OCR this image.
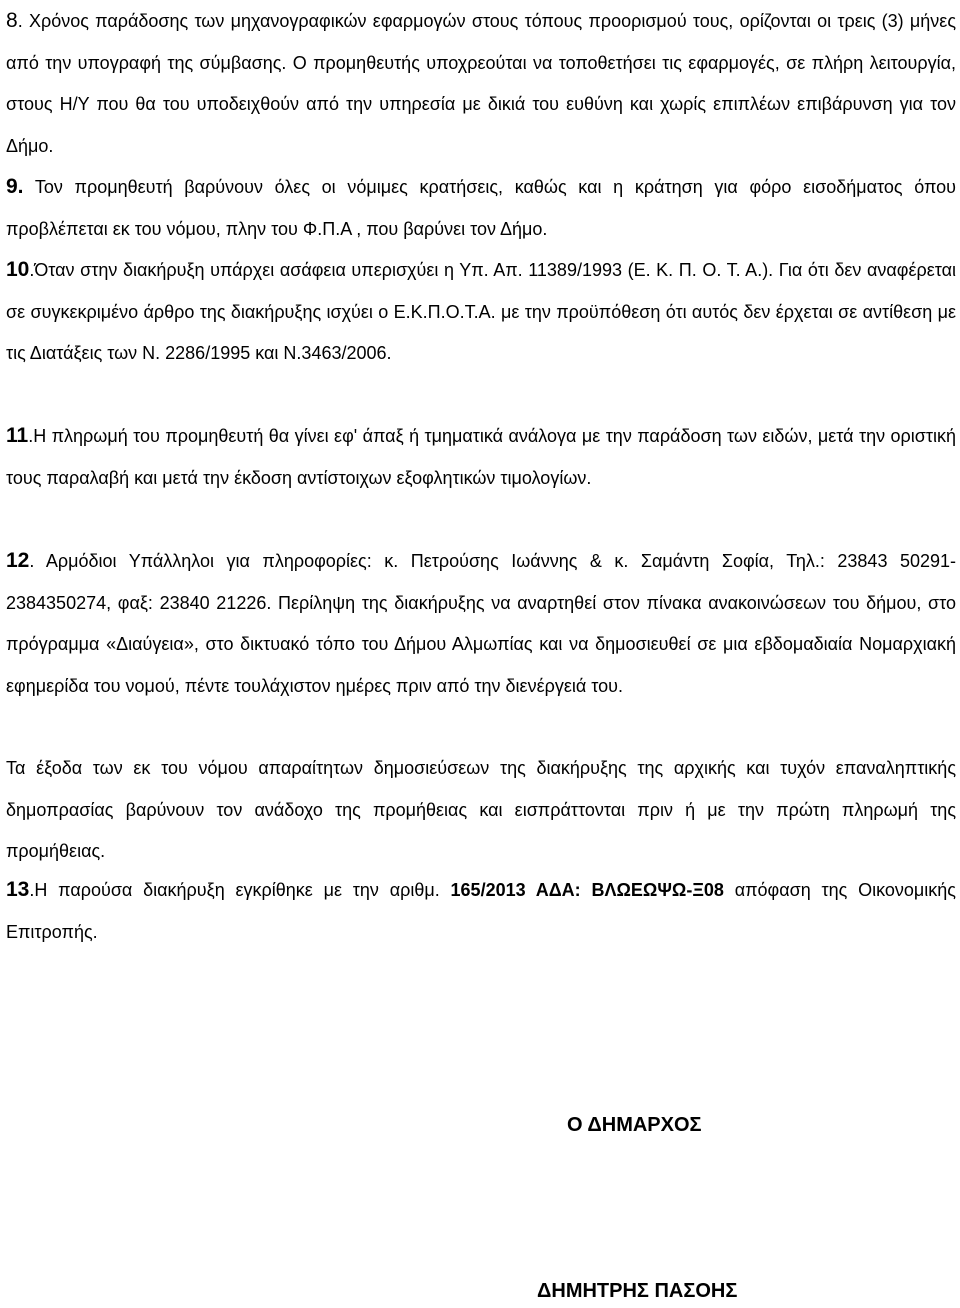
8. Χρόνος παράδοσης των μηχανογραφικών εφαρμογών στους τόπους προορισμού τους, ορίζονται οι τρεις (3) μήνες από την υπογραφή της σύμβασης. Ο προμηθευτής υποχρεούται να τοποθετήσει τις εφαρμογές, σε πλήρη λειτουργία, στους Η/Υ που θα του υποδειχθούν από την υπηρεσία με δικιά του ευθύνη και χωρίς επιπλέων επιβάρυνση για τον Δήμο.

9. Τον προμηθευτή βαρύνουν όλες οι νόμιμες κρατήσεις, καθώς και η κράτηση για φόρο εισοδήματος όπου προβλέπεται εκ του νόμου, πλην του Φ.Π.Α , που βαρύνει τον Δήμο.

10.Όταν στην διακήρυξη υπάρχει ασάφεια υπερισχύει η Υπ. Απ. 11389/1993 (Ε. Κ. Π. Ο. Τ. Α.). Για ότι δεν αναφέρεται σε συγκεκριμένο άρθρο της διακήρυξης ισχύει ο Ε.Κ.Π.Ο.Τ.Α. με την προϋπόθεση ότι αυτός δεν έρχεται σε αντίθεση με τις Διατάξεις των Ν. 2286/1995 και Ν.3463/2006.

11.Η πληρωμή του προμηθευτή θα γίνει εφ' άπαξ ή τμηματικά ανάλογα με την παράδοση των ειδών, μετά την οριστική τους παραλαβή και μετά την έκδοση αντίστοιχων εξοφλητικών τιμολογίων.

12. Αρμόδιοι Υπάλληλοι για πληροφορίες: κ. Πετρούσης Ιωάννης & κ. Σαμάντη Σοφία, Τηλ.: 23843 50291-2384350274, φαξ: 23840 21226. Περίληψη της διακήρυξης να αναρτηθεί στον πίνακα ανακοινώσεων του δήμου, στο πρόγραμμα «Διαύγεια», στο δικτυακό τόπο του Δήμου Αλμωπίας και να δημοσιευθεί σε μια εβδομαδιαία Νομαρχιακή εφημερίδα του νομού, πέντε τουλάχιστον ημέρες πριν από την διενέργειά του.

Τα έξοδα των εκ του νόμου απαραίτητων δημοσιεύσεων της διακήρυξης της αρχικής και τυχόν επαναληπτικής δημοπρασίας βαρύνουν τον ανάδοχο της προμήθειας και εισπράττονται πριν ή με την πρώτη πληρωμή της προμήθειας.

13.Η παρούσα διακήρυξη εγκρίθηκε με την αριθμ. 165/2013 ΑΔΑ: ΒΛΩΕΩΨΩ-Ξ08 απόφαση της Οικονομικής Επιτροπής.

Ο ΔΗΜΑΡΧΟΣ
ΔΗΜΗΤΡΗΣ ΠΑΣΟΗΣ
